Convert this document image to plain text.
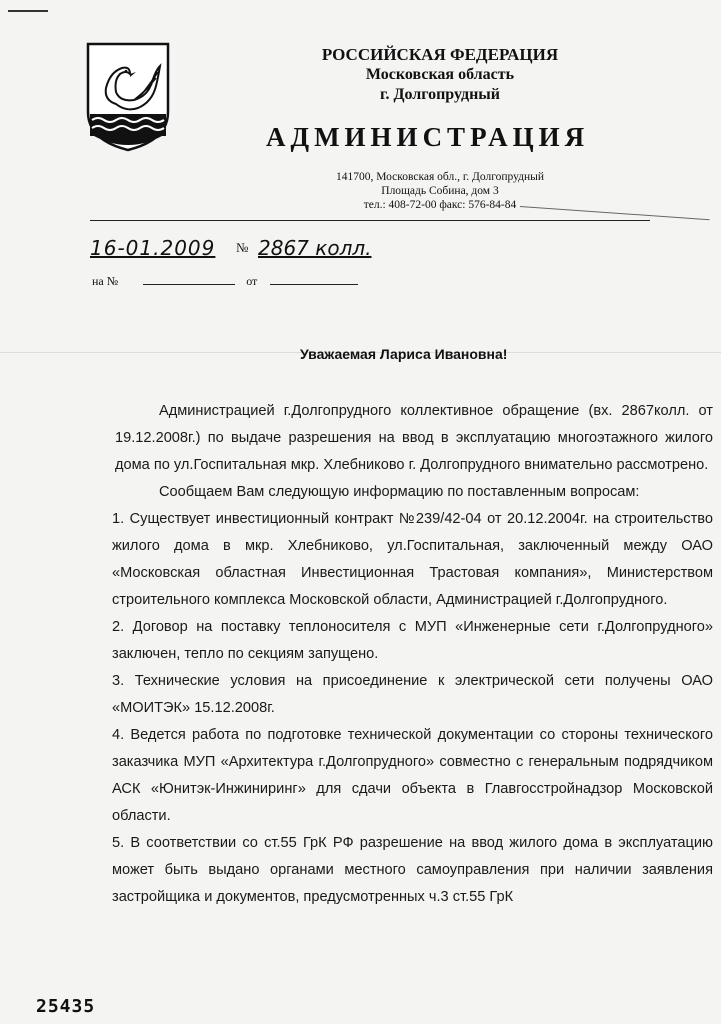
РОССИЙСКАЯ ФЕДЕРАЦИЯ
Московская область
г. Долгопрудный
АДМИНИСТРАЦИЯ
141700, Московская обл., г. Долгопрудный
Площадь Собина, дом 3
тел.: 408-72-00 факс: 576-84-84
16-01.2009 № 2867 колл.
на №	от
Уважаемая Лариса Ивановна!

Администрацией г.Долгопрудного коллективное обращение (вх. 2867колл. от 19.12.2008г.) по выдаче разрешения на ввод в эксплуатацию многоэтажного жилого дома по ул.Госпитальная мкр. Хлебниково г. Долгопрудного внимательно рассмотрено.

Сообщаем Вам следующую информацию по поставленным вопросам:

1. Существует инвестиционный контракт №239/42-04 от 20.12.2004г. на строительство жилого дома в мкр. Хлебниково, ул.Госпитальная, заключенный между ОАО «Московская областная Инвестиционная Трастовая компания», Министерством строительного комплекса Московской области, Администрацией г.Долгопрудного.

2. Договор на поставку теплоносителя с МУП «Инженерные сети г.Долгопрудного» заключен, тепло по секциям запущено.

3. Технические условия на присоединение к электрической сети получены ОАО «МОИТЭК» 15.12.2008г.

4. Ведется работа по подготовке технической документации со стороны технического заказчика МУП «Архитектура г.Долгопрудного» совместно с генеральным подрядчиком АСК «Юнитэк-Инжиниринг» для сдачи объекта в Главгосстройнадзор Московской области.

5. В соответствии со ст.55 ГрК РФ разрешение на ввод жилого дома в эксплуатацию может быть выдано органами местного самоуправления при наличии заявления застройщика и документов, предусмотренных ч.3 ст.55 ГрК

25435
